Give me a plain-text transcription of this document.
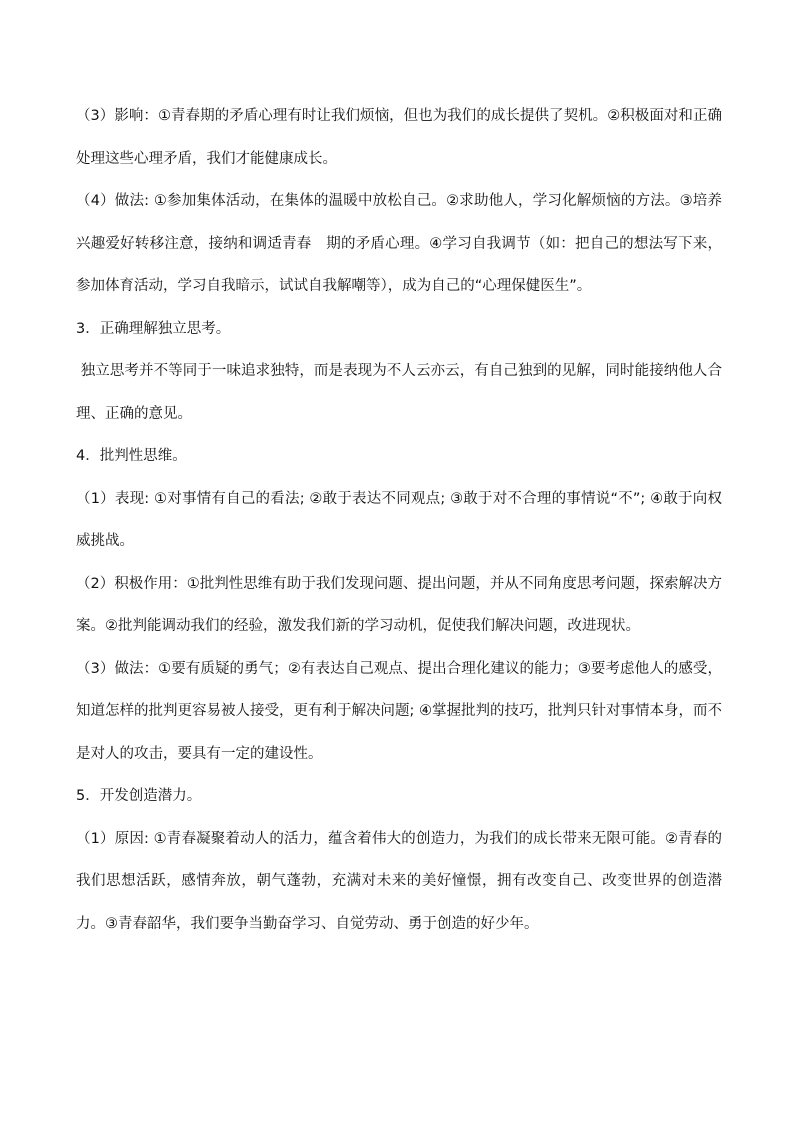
（3）影响：①青春期的矛盾心理有时让我们烦恼，但也为我们的成长提供了契机。②积极面对和正确处理这些心理矛盾，我们才能健康成长。

（4）做法: ①参加集体活动，在集体的温暖中放松自己。②求助他人，学习化解烦恼的方法。③培养兴趣爱好转移注意，接纳和调适青春　期的矛盾心理。④学习自我调节（如：把自己的想法写下来，参加体育活动，学习自我暗示，试试自我解嘲等），成为自己的“心理保健医生”。

3．正确理解独立思考。

独立思考并不等同于一味追求独特，而是表现为不人云亦云，有自己独到的见解，同时能接纳他人合理、正确的意见。

4．批判性思维。

（1）表现: ①对事情有自己的看法; ②敢于表达不同观点; ③敢于对不合理的事情说“不”; ④敢于向权威挑战。

（2）积极作用：①批判性思维有助于我们发现问题、提出问题，并从不同角度思考问题，探索解决方案。②批判能调动我们的经验，激发我们新的学习动机，促使我们解决问题，改进现状。

（3）做法：①要有质疑的勇气；②有表达自己观点、提出合理化建议的能力；③要考虑他人的感受，知道怎样的批判更容易被人接受，更有利于解决问题; ④掌握批判的技巧，批判只针对事情本身，而不是对人的攻击，要具有一定的建设性。

5．开发创造潜力。

（1）原因: ①青春凝聚着动人的活力，蕴含着伟大的创造力，为我们的成长带来无限可能。②青春的我们思想活跃，感情奔放，朝气蓬勃，充满对未来的美好憧憬，拥有改变自己、改变世界的创造潜力。③青春韶华，我们要争当勤奋学习、自觉劳动、勇于创造的好少年。
